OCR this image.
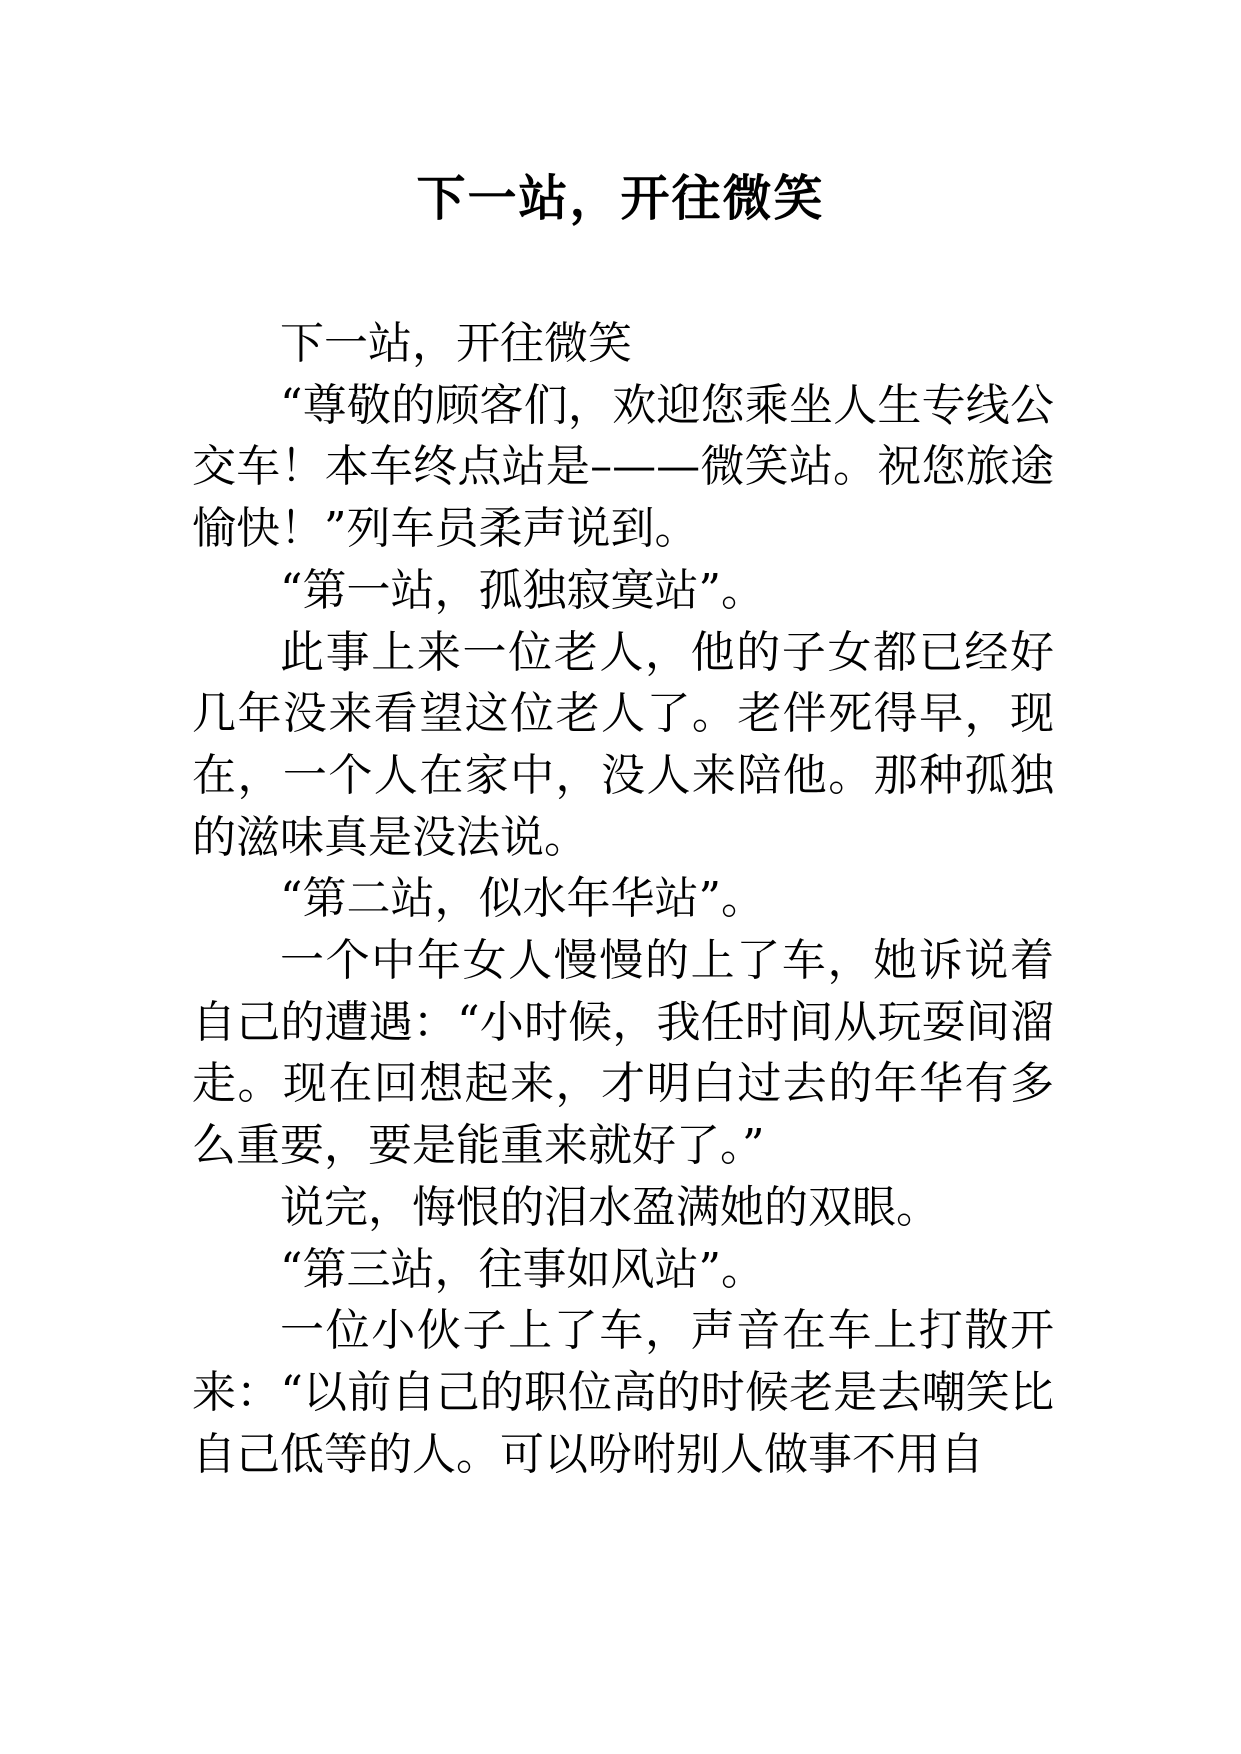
下一站，开往微笑

下一站，开往微笑

“尊敬的顾客们，欢迎您乘坐人生专线公交车！本车终点站是–——微笑站。祝您旅途愉快！”列车员柔声说到。

“第一站，孤独寂寞站”。

此事上来一位老人，他的子女都已经好几年没来看望这位老人了。老伴死得早，现在，一个人在家中，没人来陪他。那种孤独的滋味真是没法说。

“第二站，似水年华站”。

一个中年女人慢慢的上了车，她诉说着自己的遭遇：“小时候，我任时间从玩耍间溜走。现在回想起来，才明白过去的年华有多么重要，要是能重来就好了。”

说完，悔恨的泪水盈满她的双眼。

“第三站，往事如风站”。

一位小伙子上了车，声音在车上打散开来：“以前自己的职位高的时候老是去嘲笑比自己低等的人。可以吩咐别人做事不用自
